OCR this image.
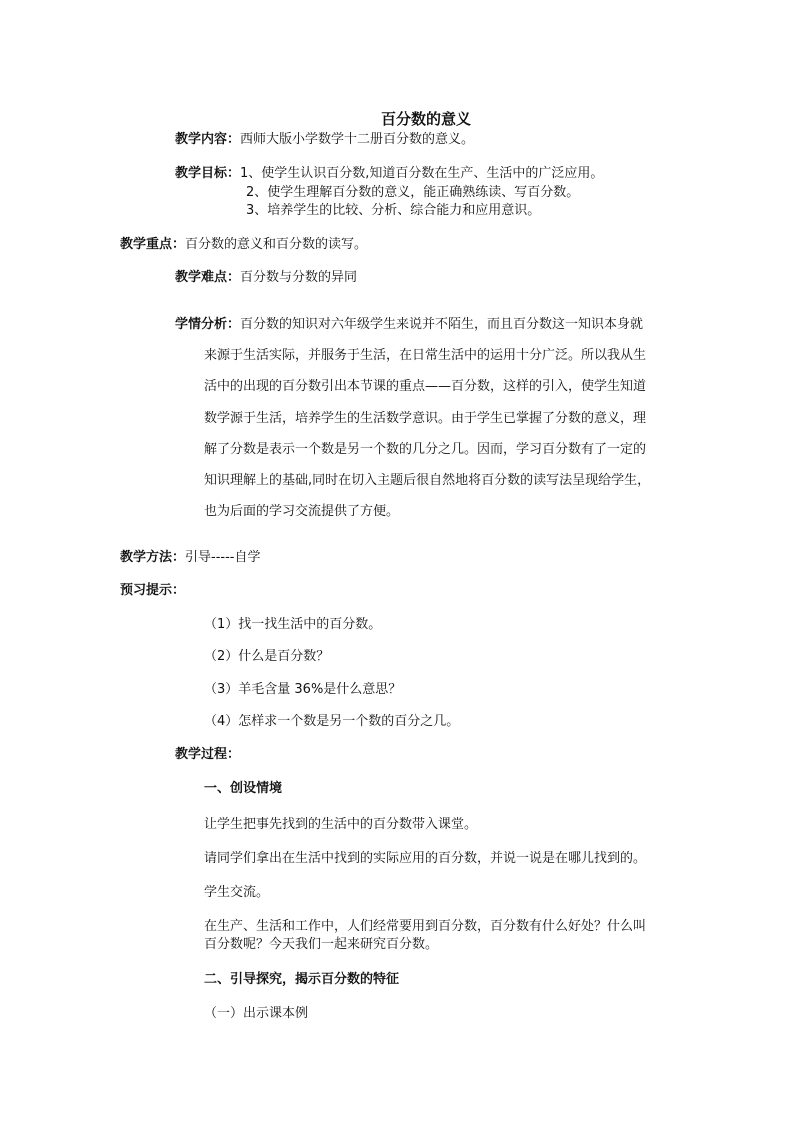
百分数的意义
教学内容：西师大版小学数学十二册百分数的意义。
教学目标：1、使学生认识百分数,知道百分数在生产、生活中的广泛应用。
2、使学生理解百分数的意义，能正确熟练读、写百分数。
3、培养学生的比较、分析、综合能力和应用意识。
教学重点：百分数的意义和百分数的读写。
教学难点：百分数与分数的异同
学情分析：百分数的知识对六年级学生来说并不陌生，而且百分数这一知识本身就
来源于生活实际，并服务于生活，在日常生活中的运用十分广泛。所以我从生
活中的出现的百分数引出本节课的重点——百分数，这样的引入，使学生知道
数学源于生活，培养学生的生活数学意识。由于学生已掌握了分数的意义，理
解了分数是表示一个数是另一个数的几分之几。因而，学习百分数有了一定的
知识理解上的基础,同时在切入主题后很自然地将百分数的读写法呈现给学生，
也为后面的学习交流提供了方便。
教学方法：引导-----自学
预习提示：
（1）找一找生活中的百分数。
（2）什么是百分数？
（3）羊毛含量 36%是什么意思？
（4）怎样求一个数是另一个数的百分之几。
教学过程：
一、创设情境
让学生把事先找到的生活中的百分数带入课堂。
请同学们拿出在生活中找到的实际应用的百分数，并说一说是在哪儿找到的。
学生交流。
在生产、生活和工作中，人们经常要用到百分数，百分数有什么好处？什么叫
百分数呢？今天我们一起来研究百分数。
二、引导探究，揭示百分数的特征
（一）出示课本例
